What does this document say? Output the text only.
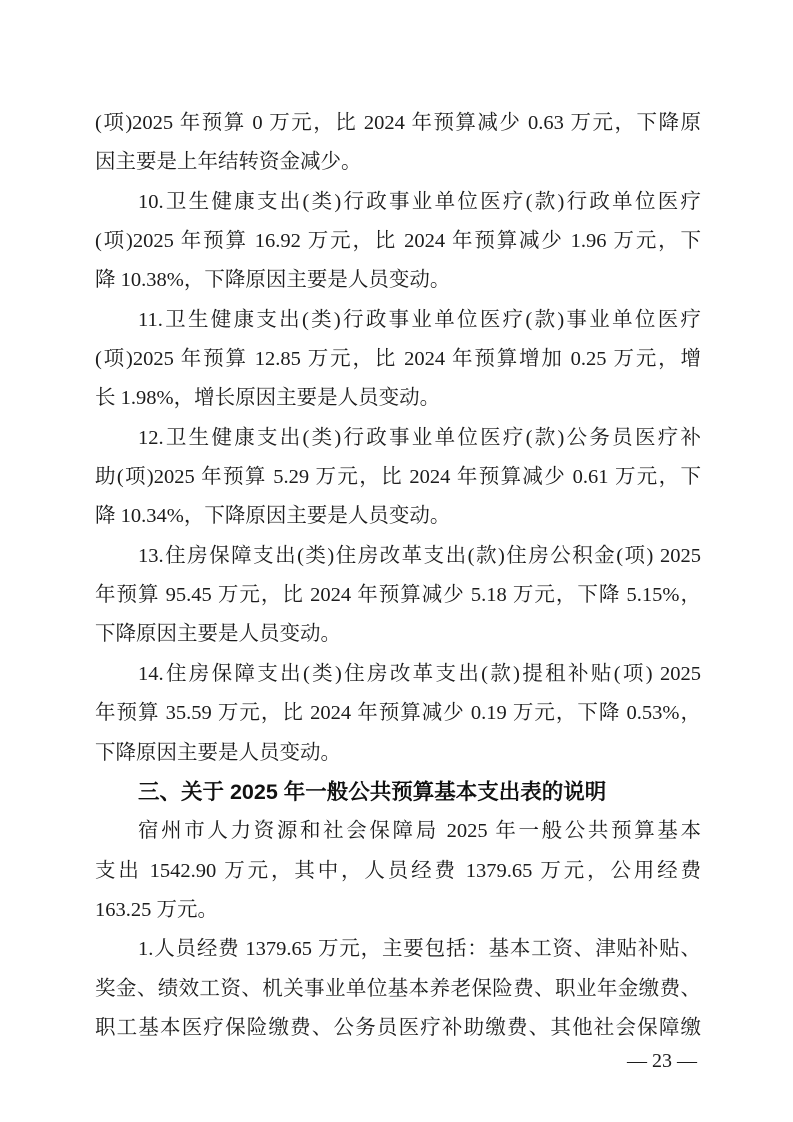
(项)2025 年预算 0 万元，比 2024 年预算减少 0.63 万元，下降原
因主要是上年结转资金减少。
10.卫生健康支出(类)行政事业单位医疗(款)行政单位医疗
(项)2025 年预算 16.92 万元，比 2024 年预算减少 1.96 万元，下
降 10.38%，下降原因主要是人员变动。
11.卫生健康支出(类)行政事业单位医疗(款)事业单位医疗
(项)2025 年预算 12.85 万元，比 2024 年预算增加 0.25 万元，增
长 1.98%，增长原因主要是人员变动。
12.卫生健康支出(类)行政事业单位医疗(款)公务员医疗补
助(项)2025 年预算 5.29 万元，比 2024 年预算减少 0.61 万元，下
降 10.34%，下降原因主要是人员变动。
13.住房保障支出(类)住房改革支出(款)住房公积金(项) 2025
年预算 95.45 万元，比 2024 年预算减少 5.18 万元，下降 5.15%，
下降原因主要是人员变动。
14.住房保障支出(类)住房改革支出(款)提租补贴(项) 2025
年预算 35.59 万元，比 2024 年预算减少 0.19 万元，下降 0.53%，
下降原因主要是人员变动。
三、关于 2025 年一般公共预算基本支出表的说明
宿州市人力资源和社会保障局 2025 年一般公共预算基本
支出 1542.90 万元，其中，人员经费 1379.65 万元，公用经费
163.25 万元。
1.人员经费 1379.65 万元，主要包括：基本工资、津贴补贴、
奖金、绩效工资、机关事业单位基本养老保险费、职业年金缴费、
职工基本医疗保险缴费、公务员医疗补助缴费、其他社会保障缴
— 23 —
